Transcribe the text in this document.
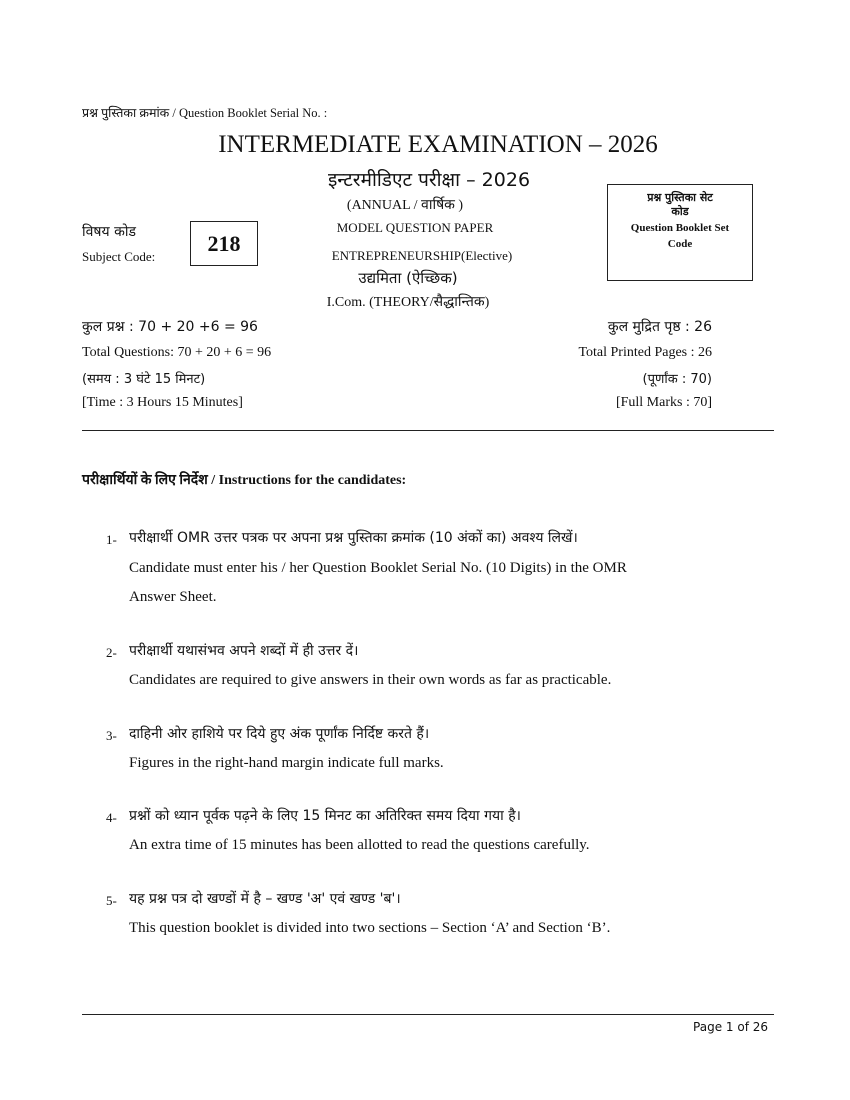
प्रश्न पुस्तिका क्रमांक / Question Booklet Serial No. :
INTERMEDIATE EXAMINATION – 2026
इन्टरमीडिएट परीक्षा – 2026
(ANNUAL / वार्षिक )
MODEL QUESTION PAPER
ENTREPRENEURSHIP(Elective)
उद्यमिता (ऐच्छिक)
I.Com. (THEORY/सैद्धान्तिक)
विषय कोड
Subject Code:
218
प्रश्न पुस्तिका सेट
कोड
Question Booklet Set
Code
कुल प्रश्न : 70 + 20 +6 = 96
Total Questions: 70 + 20 + 6 = 96
(समय : 3 घंटे 15 मिनट)
[Time : 3 Hours 15 Minutes]
कुल मुद्रित पृष्ठ : 26
Total Printed Pages : 26
(पूर्णांक : 70)
[Full Marks : 70]
परीक्षार्थियों के लिए निर्देश / Instructions for the candidates:
1- परीक्षार्थी OMR उत्तर पत्रक पर अपना प्रश्न पुस्तिका क्रमांक (10 अंकों का) अवश्य लिखें।
Candidate must enter his / her Question Booklet Serial No. (10 Digits) in the OMR
Answer Sheet.
2- परीक्षार्थी यथासंभव अपने शब्दों में ही उत्तर दें।
Candidates are required to give answers in their own words as far as practicable.
3- दाहिनी ओर हाशिये पर दिये हुए अंक पूर्णांक निर्दिष्ट करते हैं।
Figures in the right-hand margin indicate full marks.
4- प्रश्नों को ध्यान पूर्वक पढ़ने के लिए 15 मिनट का अतिरिक्त समय दिया गया है।
An extra time of 15 minutes has been allotted to read the questions carefully.
5- यह प्रश्न पत्र दो खण्डों में है – खण्ड 'अ' एवं खण्ड 'ब'।
This question booklet is divided into two sections – Section ‘A’ and Section ‘B’.
Page 1 of 26
